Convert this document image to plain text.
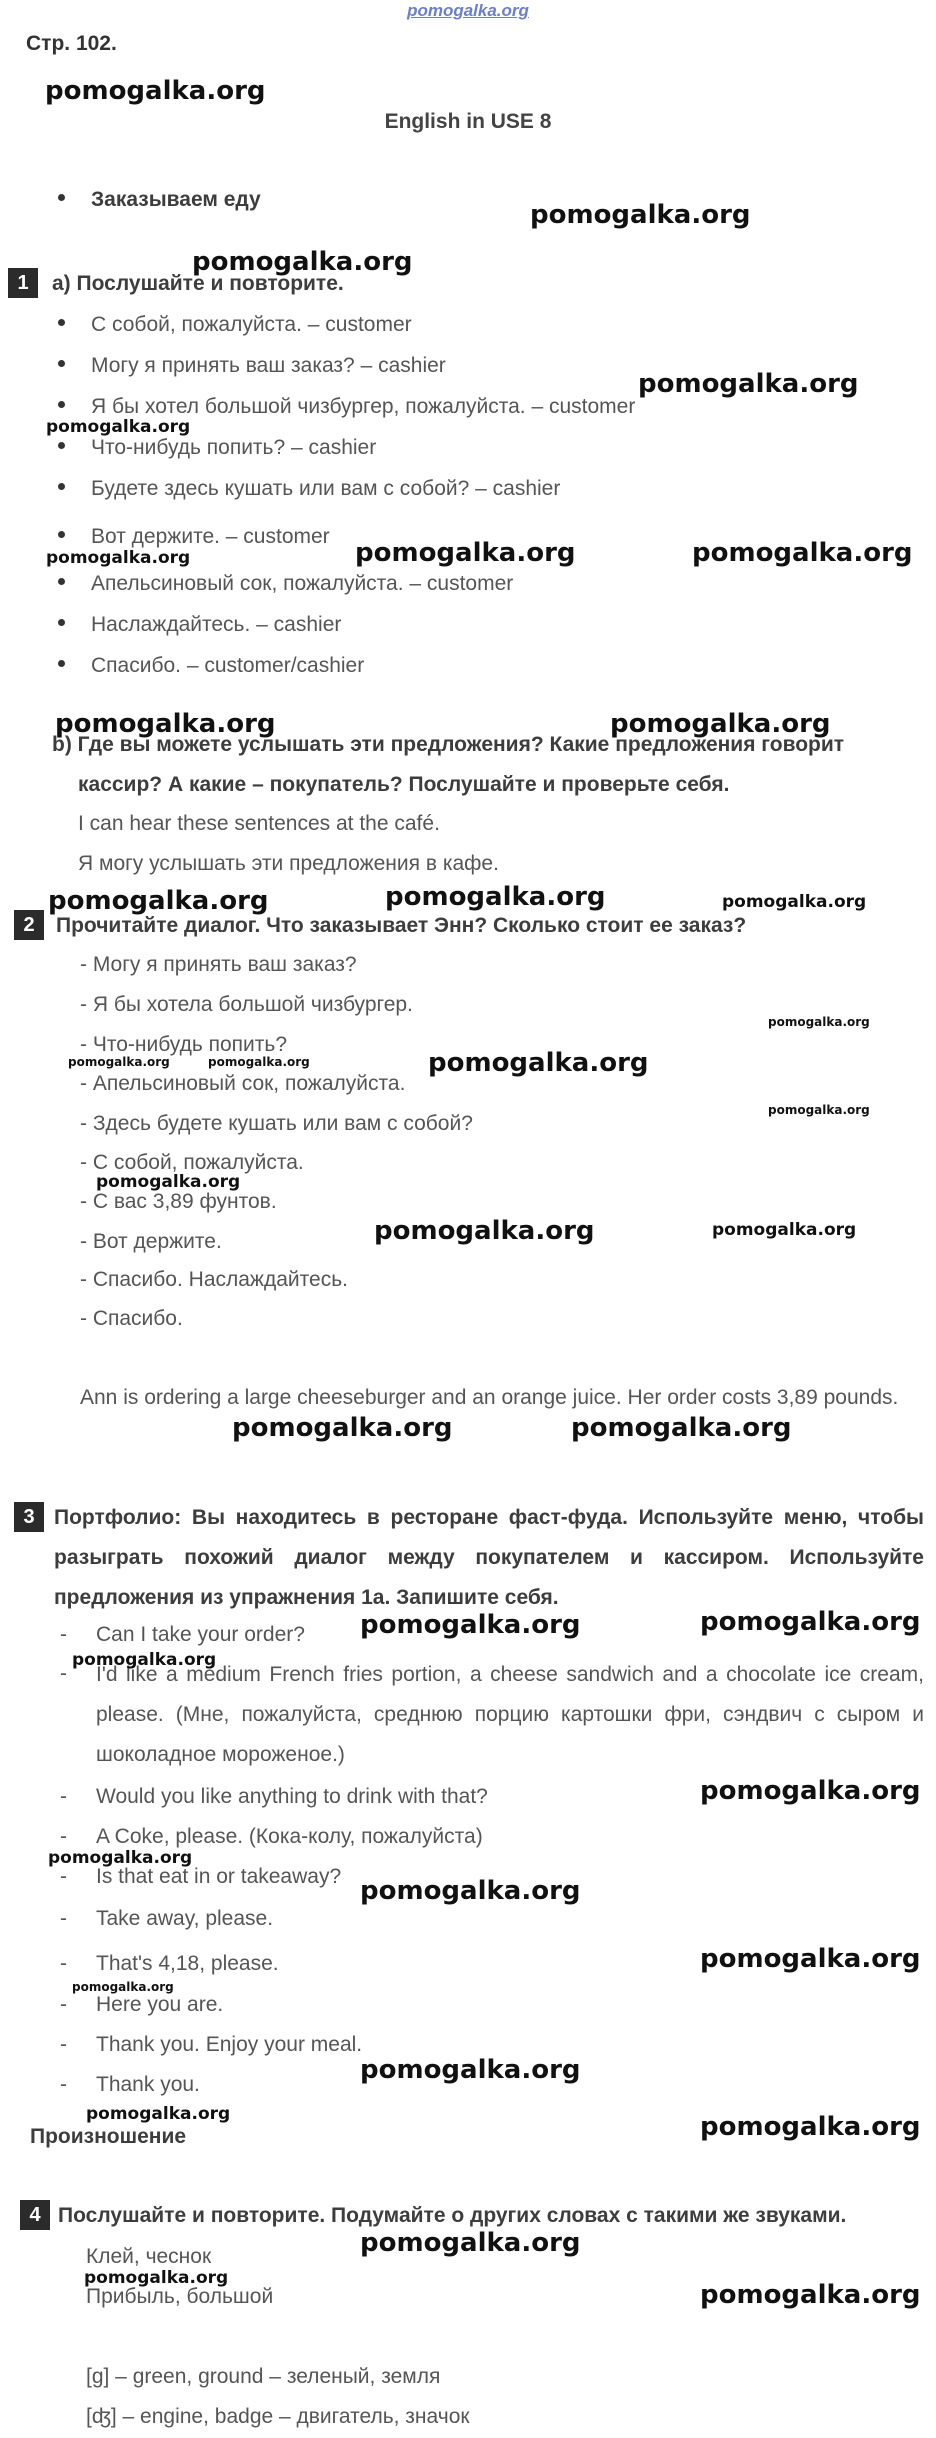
pomogalka.org
Стр. 102.
English in USE 8
Заказываем еду
1	a) Послушайте и повторите.
С собой, пожалуйста. – customer
Могу я принять ваш заказ? – cashier
Я бы хотел большой чизбургер, пожалуйста. – customer
Что-нибудь попить? – cashier
Будете здесь кушать или вам с собой? – cashier
Вот держите. – customer
Апельсиновый сок, пожалуйста. – customer
Наслаждайтесь. – cashier
Спасибо. – customer/cashier
b) Где вы можете услышать эти предложения? Какие предложения говорит
кассир? А какие – покупатель? Послушайте и проверьте себя.
I can hear these sentences at the café.
Я могу услышать эти предложения в кафе.
2	Прочитайте диалог. Что заказывает Энн? Сколько стоит ее заказ?
- Могу я принять ваш заказ?
- Я бы хотела большой чизбургер.
- Что-нибудь попить?
- Апельсиновый сок, пожалуйста.
- Здесь будете кушать или вам с собой?
- С собой, пожалуйста.
- С вас 3,89 фунтов.
- Вот держите.
- Спасибо. Наслаждайтесь.
- Спасибо.
Ann is ordering a large cheeseburger and an orange juice. Her order costs 3,89 pounds.
3 Портфолио: Вы находитесь в ресторане фаст-фуда. Используйте меню, чтобы разыграть похожий диалог между покупателем и кассиром. Используйте предложения из упражнения 1а. Запишите себя.
- Can I take your order?
- I'd like a medium French fries portion, a cheese sandwich and a chocolate ice cream, please. (Мне, пожалуйста, среднюю порцию картошки фри, сэндвич с сыром и шоколадное мороженое.)
- Would you like anything to drink with that?
- A Coke, please. (Кока-колу, пожалуйста)
- Is that eat in or takeaway?
- Take away, please.
- That's 4,18, please.
- Here you are.
- Thank you. Enjoy your meal.
- Thank you.
Произношение
4 Послушайте и повторите. Подумайте о других словах с такими же звуками.
Клей, чеснок
Прибыль, большой
[g] – green, ground – зеленый, земля
[ʤ] – engine, badge – двигатель, значок
pomogalka.org
pomogalka.org
pomogalka.org
pomogalka.org
pomogalka.org
pomogalka.org	pomogalka.org	pomogalka.org
pomogalka.org	pomogalka.org
pomogalka.org	pomogalka.org	pomogalka.org
pomogalka.org
pomogalka.org	pomogalka.org	pomogalka.org
pomogalka.org
pomogalka.org
pomogalka.org	pomogalka.org
pomogalka.org	pomogalka.org
pomogalka.org	pomogalka.org
pomogalka.org
pomogalka.org
pomogalka.org
pomogalka.org
pomogalka.org
pomogalka.org
pomogalka.org
pomogalka.org	pomogalka.org
pomogalka.org
pomogalka.org
pomogalka.org
